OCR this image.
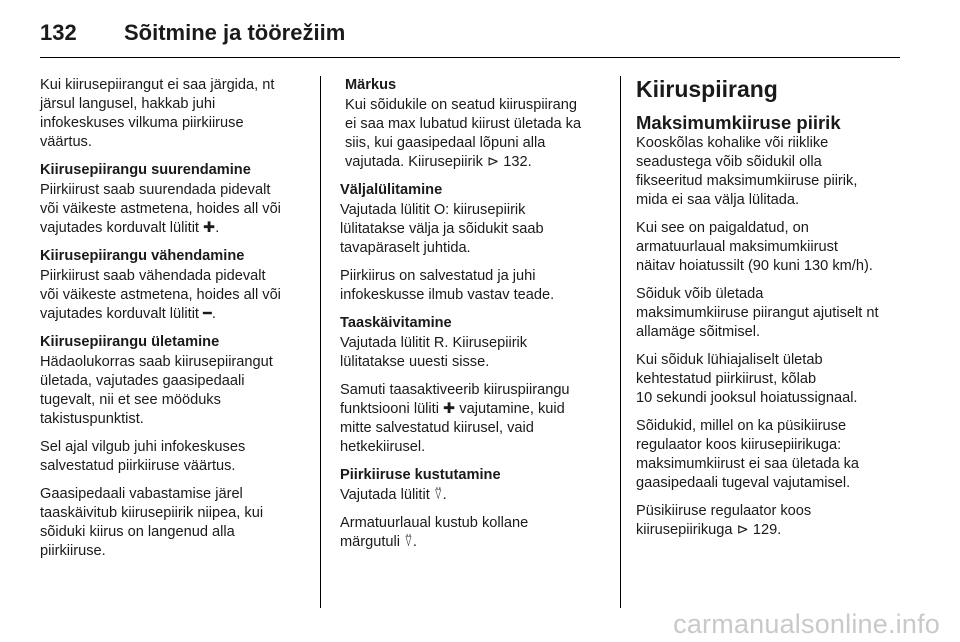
132	Sõitmine ja töörežiim

Kui kiirusepiirangut ei saa järgida, nt
järsul langusel, hakkab juhi
infokeskuses vilkuma piirkiiruse
väärtus.

Kiirusepiirangu suurendamine

Piirkiirust saab suurendada pidevalt
või väikeste astmetena, hoides all või
vajutades korduvalt lülitit ✚.

Kiirusepiirangu vähendamine

Piirkiirust saab vähendada pidevalt
või väikeste astmetena, hoides all või
vajutades korduvalt lülitit ━.

Kiirusepiirangu ületamine

Hädaolukorras saab kiirusepiirangut
ületada, vajutades gaasipedaali
tugevalt, nii et see mööduks
takistuspunktist.

Sel ajal vilgub juhi infokeskuses
salvestatud piirkiiruse väärtus.

Gaasipedaali vabastamise järel
taaskäivitub kiirusepiirik niipea, kui
sõiduki kiirus on langenud alla
piirkiiruse.

Märkus

Kui sõidukile on seatud kiiruspiirang
ei saa max lubatud kiirust ületada ka
siis, kui gaasipedaal lõpuni alla
vajutada. Kiirusepiirik ⊳ 132.

Väljalülitamine

Vajutada lülitit O: kiirusepiirik
lülitatakse välja ja sõidukit saab
tavapäraselt juhtida.

Piirkiirus on salvestatud ja juhi
infokeskusse ilmub vastav teade.

Taaskäivitamine

Vajutada lülitit R. Kiirusepiirik
lülitatakse uuesti sisse.

Samuti taasaktiveerib kiiruspiirangu
funktsiooni lüliti ✚ vajutamine, kuid
mitte salvestatud kiirusel, vaid
hetkekiirusel.

Piirkiiruse kustutamine

Vajutada lülitit ⍢.

Armatuurlaual kustub kollane
märgutuli ⍢.

Kiiruspiirang
Maksimumkiiruse piirik

Kooskõlas kohalike või riiklike
seadustega võib sõidukil olla
fikseeritud maksimumkiiruse piirik,
mida ei saa välja lülitada.

Kui see on paigaldatud, on
armatuurlaual maksimumkiirust
näitav hoiatussilt (90 kuni 130 km/h).

Sõiduk võib ületada
maksimumkiiruse piirangut ajutiselt nt
allamäge sõitmisel.

Kui sõiduk lühiajaliselt ületab
kehtestatud piirkiirust, kõlab
10 sekundi jooksul hoiatussignaal.

Sõidukid, millel on ka püsikiiruse
regulaator koos kiirusepiirikuga:
maksimumkiirust ei saa ületada ka
gaasipedaali tugeval vajutamisel.

Püsikiiruse regulaator koos
kiirusepiirikuga ⊳ 129.

carmanualsonline.info
